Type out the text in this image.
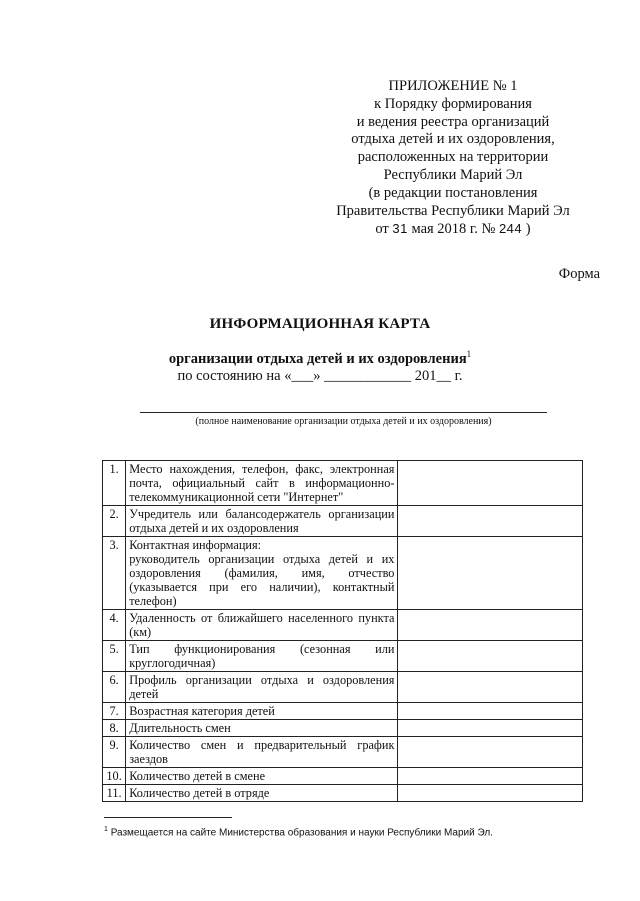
ПРИЛОЖЕНИЕ № 1
к Порядку формирования
и ведения реестра организаций
отдыха детей и их оздоровления,
расположенных на территории
Республики Марий Эл
(в редакции постановления
Правительства Республики Марий Эл
от 31 мая 2018 г. № 244 )
Форма
ИНФОРМАЦИОННАЯ КАРТА
организации отдыха детей и их оздоровления$^1$
по состоянию на «___» ____________ 201__ г.
(полное наименование организации отдыха детей и их оздоровления)
1.	Место нахождения, телефон, факс, электронная почта, официальный сайт в информационно-телекоммуникационной сети "Интернет"	

2.	Учредитель или балансодержатель организации отдыха детей и их оздоровления	

3.	Контактная информация:
руководитель организации отдыха детей и их оздоровления (фамилия, имя, отчество (указывается при его наличии), контактный телефон)	

4.	Удаленность от ближайшего населенного пункта (км)	

5.	Тип функционирования (сезонная или круглогодичная)	

6.	Профиль организации отдыха и оздоровления детей	

7.	Возрастная категория детей	

8.	Длительность смен	

9.	Количество смен и предварительный график заездов	

10.	Количество детей в смене	

11.	Количество детей в отряде	

$^1$ Размещается на сайте Министерства образования и науки Республики Марий Эл.
